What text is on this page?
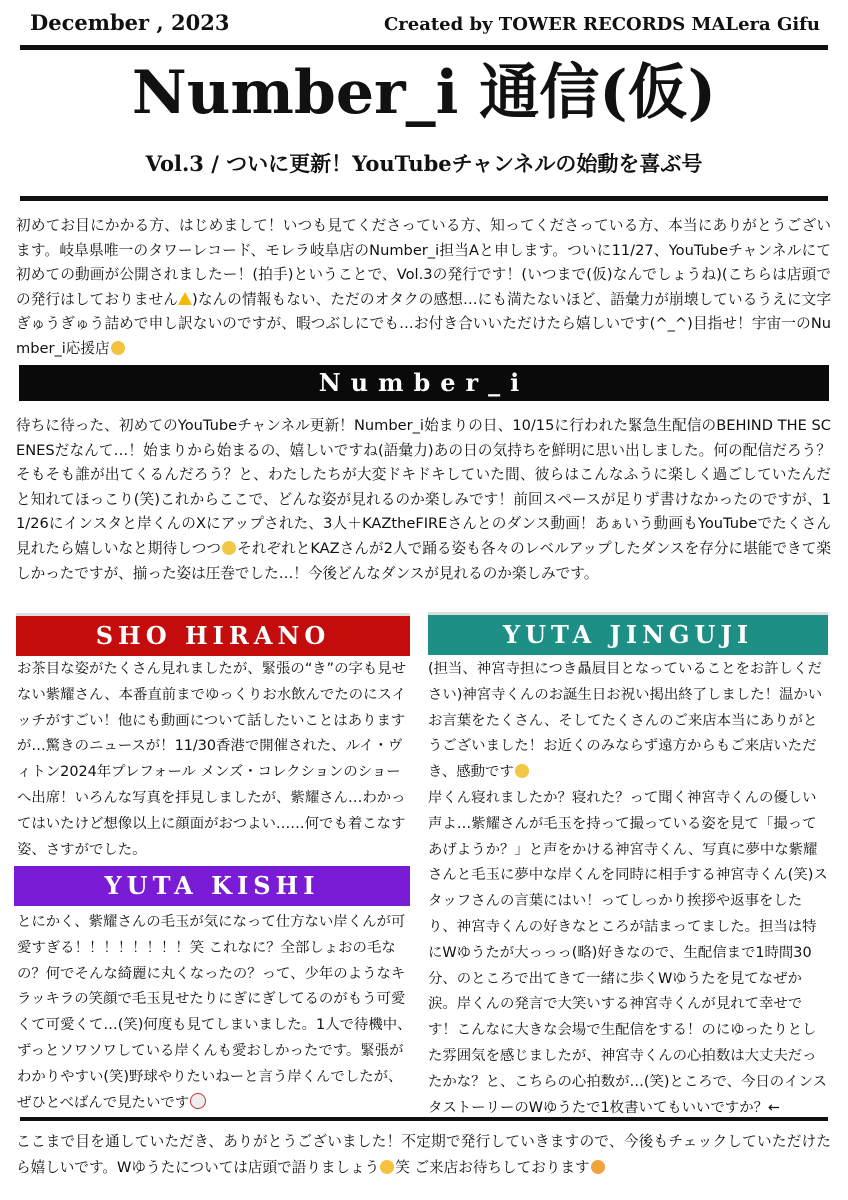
December , 2023	Created by TOWER RECORDS MALera Gifu
Number_i 通信(仮)
Vol.3 / ついに更新！YouTubeチャンネルの始動を喜ぶ号

初めてお目にかかる方、はじめまして！いつも見てくださっている方、知ってくださっている方、本当にありがとうございます。岐阜県唯一のタワーレコード、モレラ岐阜店のNumber_i担当Aと申します。ついに11/27、YouTubeチャンネルにて初めての動画が公開されましたー！(拍手)ということで、Vol.3の発行です！(いつまで(仮)なんでしょうね)(こちらは店頭での発行はしておりません )なんの情報もない、ただのオタクの感想…にも満たないほど、語彙力が崩壊しているうえに文字ぎゅうぎゅう詰めで申し訳ないのですが、暇つぶしにでも…お付き合いいただけたら嬉しいです(^_^)目指せ！宇宙一のNumber_i応援店

Number_i

待ちに待った、初めてのYouTubeチャンネル更新！Number_i始まりの日、10/15に行われた緊急生配信のBEHIND THE SCENESだなんて…！始まりから始まるの、嬉しいですね(語彙力)あの日の気持ちを鮮明に思い出しました。何の配信だろう？そもそも誰が出てくるんだろう？と、わたしたちが大変ドキドキしていた間、彼らはこんなふうに楽しく過ごしていたんだと知れてほっこり(笑)これからここで、どんな姿が見れるのか楽しみです！前回スペースが足りず書けなかったのですが、11/26にインスタと岸くんのXにアップされた、3人＋KAZtheFIREさんとのダンス動画！あぁいう動画もYouTubeでたくさん見れたら嬉しいなと期待しつつ それぞれとKAZさんが2人で踊る姿も各々のレベルアップしたダンスを存分に堪能できて楽しかったですが、揃った姿は圧巻でした…！今後どんなダンスが見れるのか楽しみです。

SHO HIRANO

お茶目な姿がたくさん見れましたが、緊張の“き”の字も見せない紫耀さん、本番直前までゆっくりお水飲んでたのにスイッチがすごい！他にも動画について話したいことはありますが…驚きのニュースが！11/30香港で開催された、ルイ・ヴィトン2024年プレフォール メンズ・コレクションのショーへ出席！いろんな写真を拝見しましたが、紫耀さん…わかってはいたけど想像以上に顔面がおつよい……何でも着こなす姿、さすがでした。

YUTA KISHI

とにかく、紫耀さんの毛玉が気になって仕方ない岸くんが可愛すぎる！！！！！！！！笑 これなに？全部しょおの毛なの？何でそんな綺麗に丸くなったの？って、少年のようなキラッキラの笑顔で毛玉見せたりにぎにぎしてるのがもう可愛くて可愛くて…(笑)何度も見てしまいました。1人で待機中、ずっとソワソワしている岸くんも愛おしかったです。緊張がわかりやすい(笑)野球やりたいねーと言う岸くんでしたが、ぜひとべばんで見たいです

YUTA JINGUJI

(担当、神宮寺担につき贔屓目となっていることをお許しください)神宮寺くんのお誕生日お祝い掲出終了しました！温かいお言葉をたくさん、そしてたくさんのご来店本当にありがとうございました！お近くのみならず遠方からもご来店いただき、感動です

岸くん寝れましたか？寝れた？って聞く神宮寺くんの優しい声よ…紫耀さんが毛玉を持って撮っている姿を見て「撮ってあげようか？」と声をかける神宮寺くん、写真に夢中な紫耀さんと毛玉に夢中な岸くんを同時に相手する神宮寺くん(笑)スタッフさんの言葉にはい！ってしっかり挨拶や返事をしたり、神宮寺くんの好きなところが詰まってました。担当は特にWゆうたが大っっっ(略)好きなので、生配信まで1時間30分、のところで出てきて一緒に歩くWゆうたを見てなぜか涙。岸くんの発言で大笑いする神宮寺くんが見れて幸せです！こんなに大きな会場で生配信をする！のにゆったりとした雰囲気を感じましたが、神宮寺くんの心拍数は大丈夫だったかな？と、こちらの心拍数が…(笑)ところで、今日のインスタストーリーのWゆうたで1枚書いてもいいですか？←

ここまで目を通していただき、ありがとうございました！不定期で発行していきますので、今後もチェックしていただけたら嬉しいです。Wゆうたについては店頭で語りましょう 笑 ご来店お待ちしております
